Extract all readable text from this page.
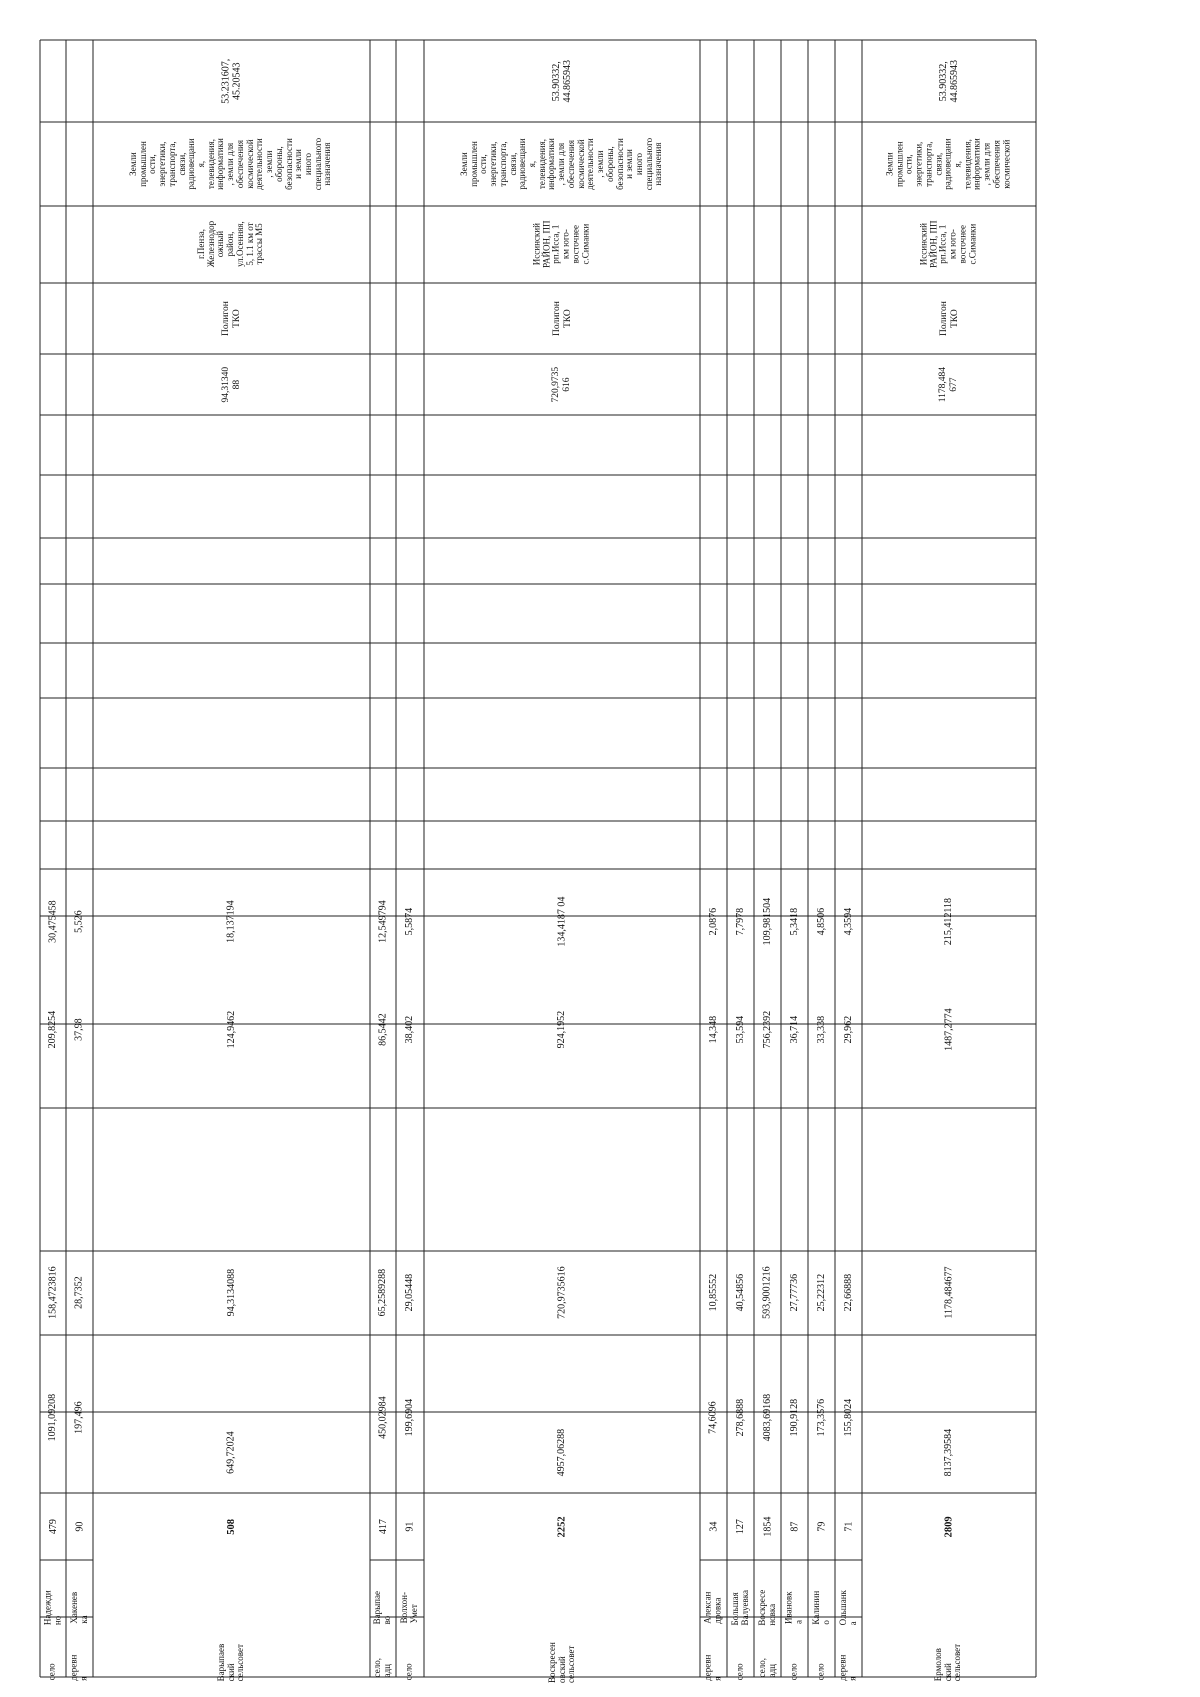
Hадежди
но
село
479
1091,09208
158,4723816
209,8254
30,475458
деревн
я
Хакенев
ка
90
197,496
28,7352
37,98
5,526
Варыпаев
ский
сельсовет
508
649,72024
94,3134088
124,9462
18,137194
94,31340
88
Полигон
ТКО
г.Пенза,
Железнодор
ожный
район,
ул.Осенняя,
5, 1.1 км от
трассы М5
Земли
промышлен
ости,
энергетики,
транспорта,
связи,
радиовещани
я,
телевидения,
информатики
, земли для
обеспечения
космической
деятельности
, земли
обороны,
безопасности
и земли
иного
специального
назначения
53.231607,
45.20543
село,
адц
Варыпае
во
417
450,02984
65,2589288
86,5442
12,549794
село
Волхон-
Умет
91
199,6904
29,05448
38,402
5,5874
Воскресен
овский
сельсовет
2252
4957,06288
720,9735616
924,1952
134,4187 04
720,9735
616
Полигон
ТКО
Иссинский
РАЙОН, ПП
рп.Исса, 1
км юго-
восточнее
с.Симанки
Земли
промышлен
ости,
энергетики,
транспорта,
связи,
радиовещани
я,
телевидения,
информатики
, земли для
обеспечения
космической
деятельности
, земли
обороны,
безопасности
и земли
иного
специального
назначения
53.90332,
44.865943
деревн
я
Алексан
дровка
34
74,6096
10,85552
14,348
2,0876
село
Большая
Валуевка
127
278,6888
40,54856
53,594
7,7978
село,
адц
Воскресе
новка
1854
4083,69168
593,9001216
756,2392
109,981504
село
Ивановк
а
87
190,9128
27,77736
36,714
5,3418
село
Калинин
о
79
173,3576
25,22312
33,338
4,8506
деревн
я
Ольшанк
а
71
155,8024
22,66888
29,962
4,3594
Ермолов
ский
сельсовет
2809
8137,39584
1178,484677
1487,2774
215,412118
1178,484
677
Полигон
ТКО
Иссинский
РАЙОН, ПП
рп.Исса, 1
км юго-
восточнее
с.Симанки
Земли
промышлен
ости,
энергетики,
транспорта,
связи,
радиовещани
я,
телевидения,
информатики
, земли для
обеспечения
космической
53.90332,
44.865943
